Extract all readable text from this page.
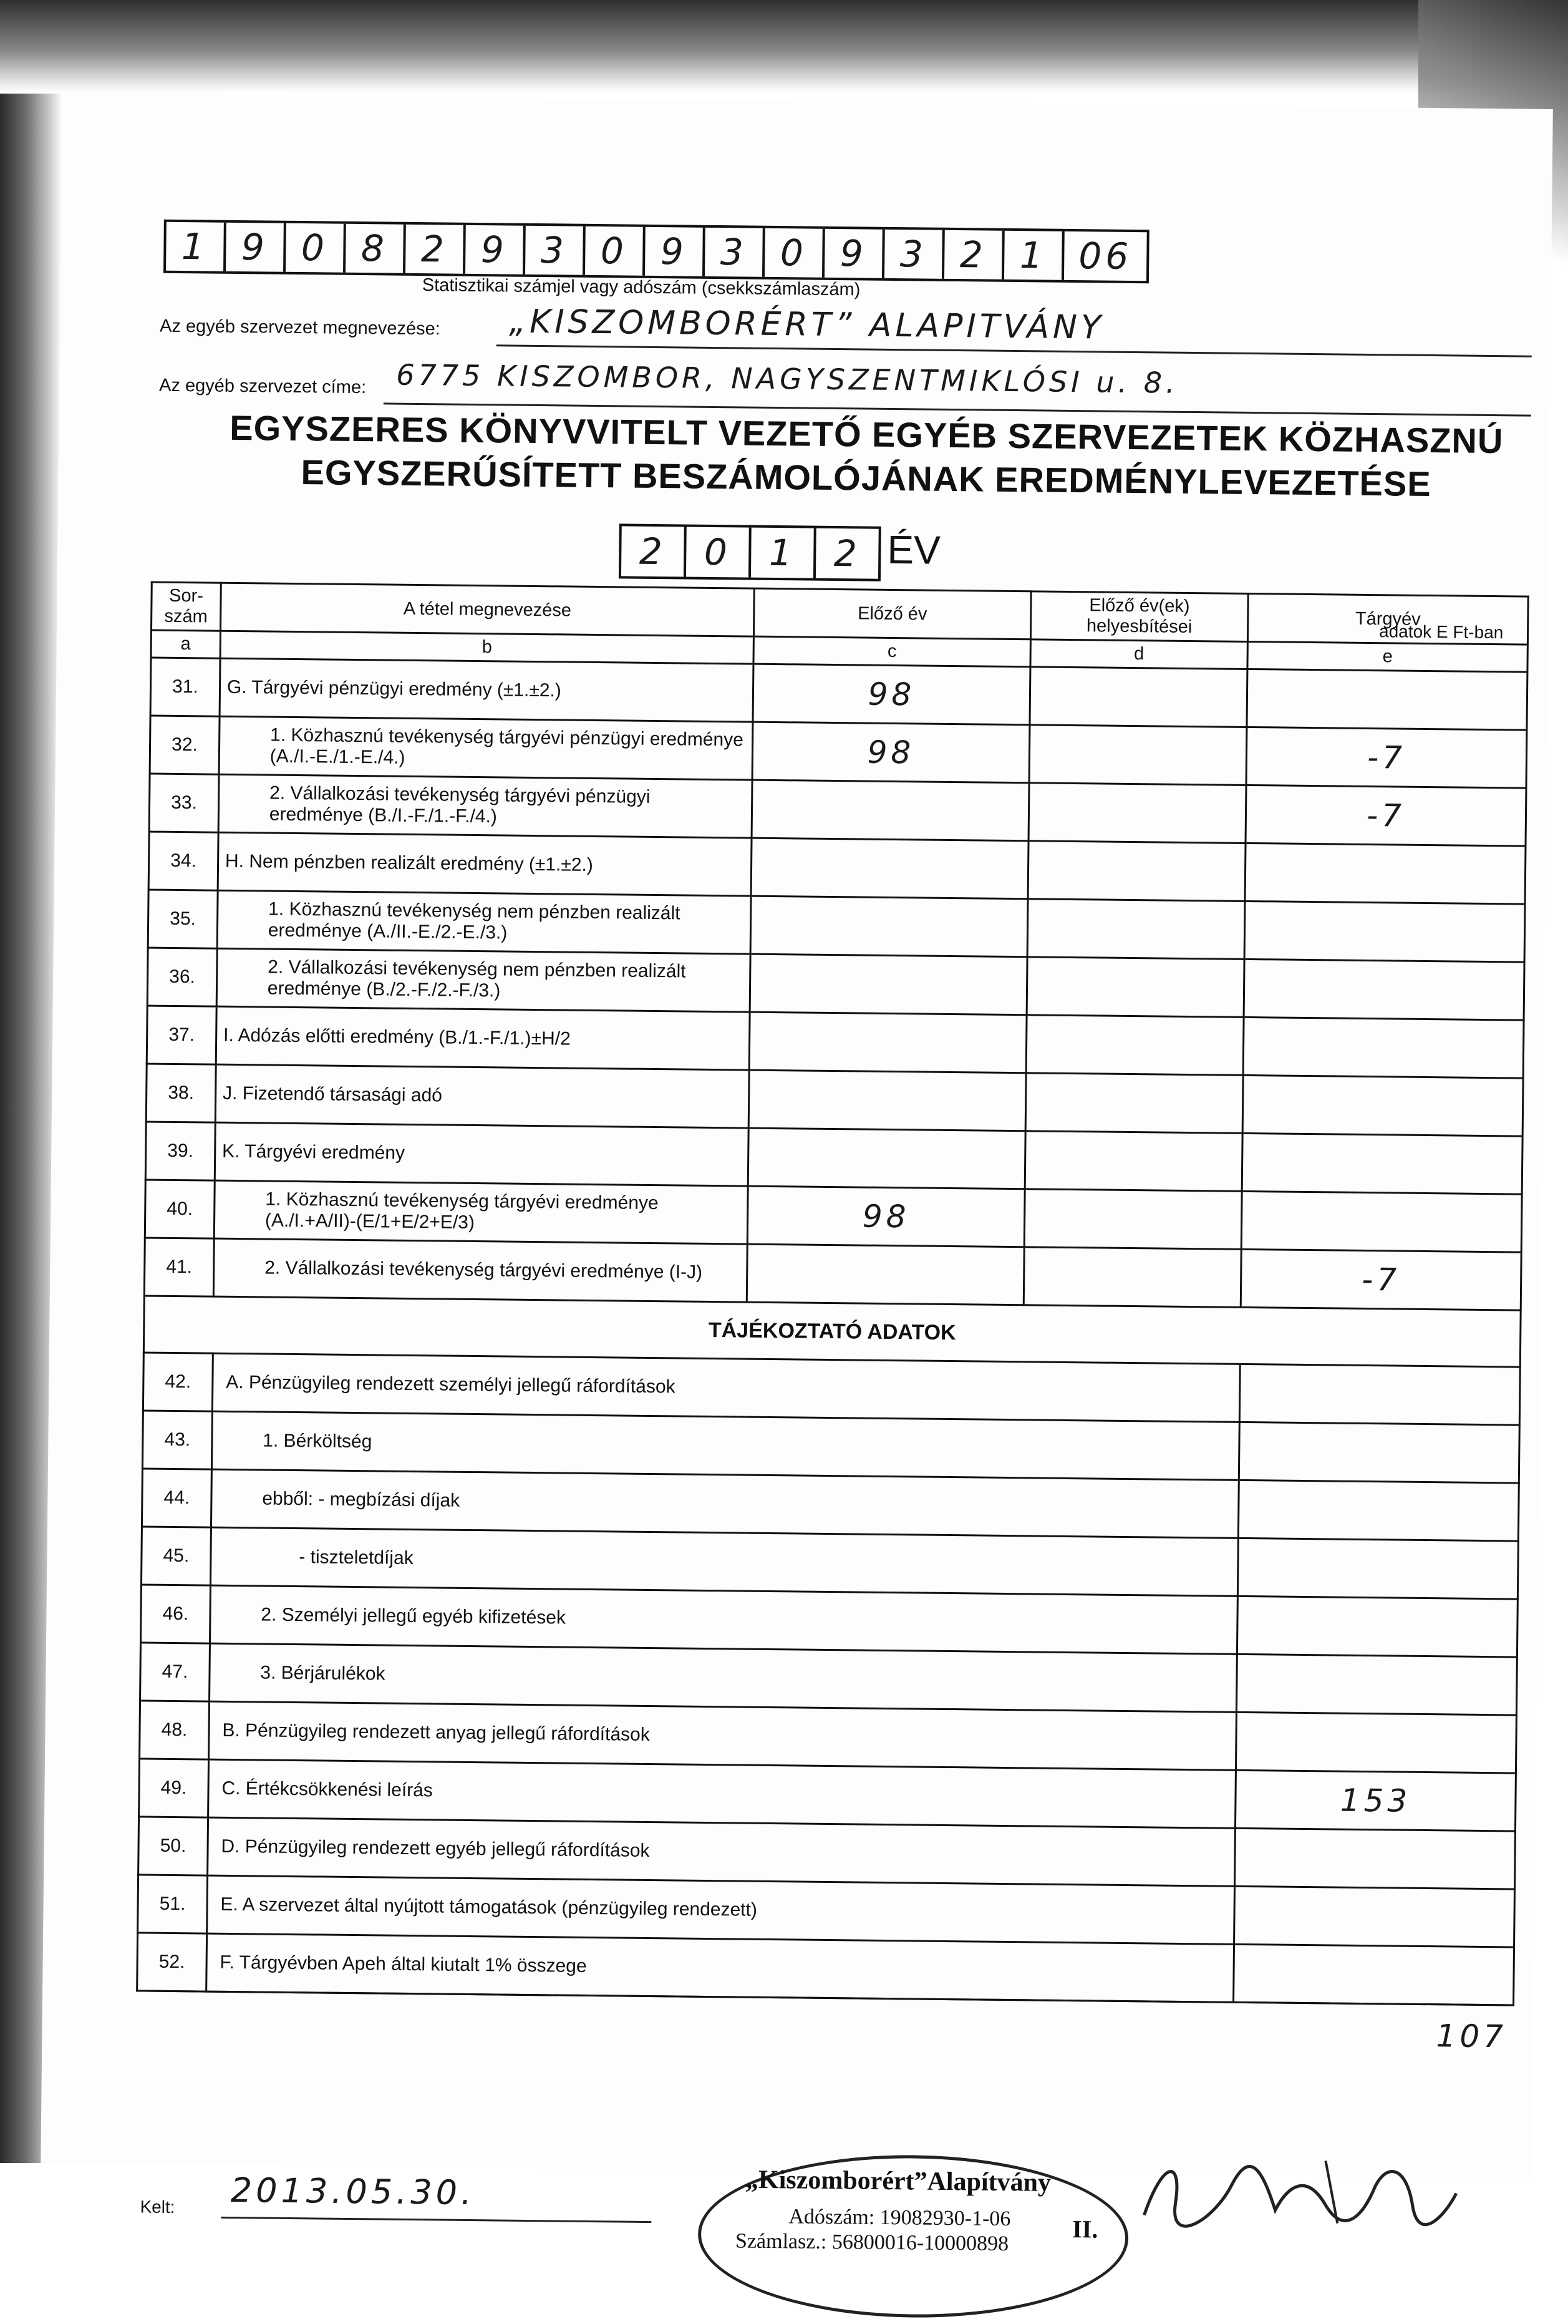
1 9 0 8 2 9 3 0 9 3 0 9 3 2 1 06
Statisztikai számjel vagy adószám (csekkszámlaszám)
Az egyéb szervezet megnevezése: „KISZOMBORÉRT” ALAPITVÁNY
Az egyéb szervezet címe: 6775 KISZOMBOR, NAGYSZENTMIKLÓSI u. 8.
EGYSZERES KÖNYVVITELT VEZETŐ EGYÉB SZERVEZETEK KÖZHASZNÚ
EGYSZERŰSÍTETT BESZÁMOLÓJÁNAK EREDMÉNYLEVEZETÉSE
2	0	1	2 ÉV
adatok E Ft-ban
Sor-szám	A tétel megnevezése	Előző év	Előző év(ek) helyesbítései	Tárgyév
a	b	c	d	e
31.	G. Tárgyévi pénzügyi eredmény (±1.±2.)	98		
32.	1. Közhasznú tevékenység tárgyévi pénzügyi eredménye (A./I.-E./1.-E./4.)	98		-7
33.	2. Vállalkozási tevékenység tárgyévi pénzügyi eredménye (B./I.-F./1.-F./4.)			-7
34.	H. Nem pénzben realizált eredmény (±1.±2.)			
35.	1. Közhasznú tevékenység nem pénzben realizált eredménye (A./II.-E./2.-E./3.)			
36.	2. Vállalkozási tevékenység nem pénzben realizált eredménye (B./2.-F./2.-F./3.)			
37.	I. Adózás előtti eredmény (B./1.-F./1.)±H/2			
38.	J. Fizetendő társasági adó			
39.	K. Tárgyévi eredmény			
40.	1. Közhasznú tevékenység tárgyévi eredménye (A./I.+A/II)-(E/1+E/2+E/3)	98		
41.	2. Vállalkozási tevékenység tárgyévi eredménye (I-J)			-7
TÁJÉKOZTATÓ ADATOK				
42.	A. Pénzügyileg rendezett személyi jellegű ráfordítások			
43.	1. Bérköltség			
44.	ebből: - megbízási díjak			
45.	- tiszteletdíjak			
46.	2. Személyi jellegű egyéb kifizetések			
47.	3. Bérjárulékok			
48.	B. Pénzügyileg rendezett anyag jellegű ráfordítások			
49.	C. Értékcsökkenési leírás			153
50.	D. Pénzügyileg rendezett egyéb jellegű ráfordítások			
51.	E. A szervezet által nyújtott támogatások (pénzügyileg rendezett)			
52.	F. Tárgyévben Apeh által kiutalt 1% összege			
				107
Kelt: 2013.05.30.	„Kiszomborért”Alapítvány
Adószám: 19082930-1-06
Számlasz.: 56800016-10000898	II.
